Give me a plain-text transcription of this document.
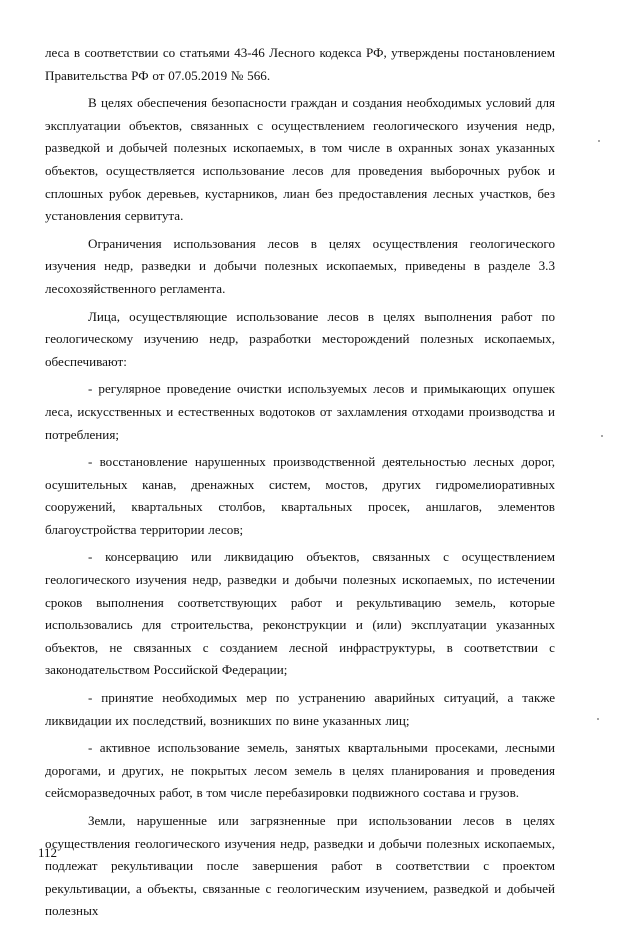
леса в соответствии со статьями 43-46 Лесного кодекса РФ, утверждены постановлением Правительства РФ от 07.05.2019 № 566.

В целях обеспечения безопасности граждан и создания необходимых условий для эксплуатации объектов, связанных с осуществлением геологического изучения недр, разведкой и добычей полезных ископаемых, в том числе в охранных зонах указанных объектов, осуществляется использование лесов для проведения выборочных рубок и сплошных рубок деревьев, кустарников, лиан без предоставления лесных участков, без установления сервитута.

Ограничения использования лесов в целях осуществления геологического изучения недр, разведки и добычи полезных ископаемых, приведены в разделе 3.3 лесохозяйственного регламента.

Лица, осуществляющие использование лесов в целях выполнения работ по геологическому изучению недр, разработки месторождений полезных ископаемых, обеспечивают:

- регулярное проведение очистки используемых лесов и примыкающих опушек леса, искусственных и естественных водотоков от захламления отходами производства и потребления;

- восстановление нарушенных производственной деятельностью лесных дорог, осушительных канав, дренажных систем, мостов, других гидромелиоративных сооружений, квартальных столбов, квартальных просек, аншлагов, элементов благоустройства территории лесов;

- консервацию или ликвидацию объектов, связанных с осуществлением геологического изучения недр, разведки и добычи полезных ископаемых, по истечении сроков выполнения соответствующих работ и рекультивацию земель, которые использовались для строительства, реконструкции и (или) эксплуатации указанных объектов, не связанных с созданием лесной инфраструктуры, в соответствии с законодательством Российской Федерации;

- принятие необходимых мер по устранению аварийных ситуаций, а также ликвидации их последствий, возникших по вине указанных лиц;

- активное использование земель, занятых квартальными просеками, лесными дорогами, и других, не покрытых лесом земель в целях планирования и проведения сейсморазведочных работ, в том числе перебазировки подвижного состава и грузов.

Земли, нарушенные или загрязненные при использовании лесов в целях осуществления геологического изучения недр, разведки и добычи полезных ископаемых, подлежат рекультивации после завершения работ в соответствии с проектом рекультивации, а объекты, связанные с геологическим изучением, разведкой и добычей полезных

112
